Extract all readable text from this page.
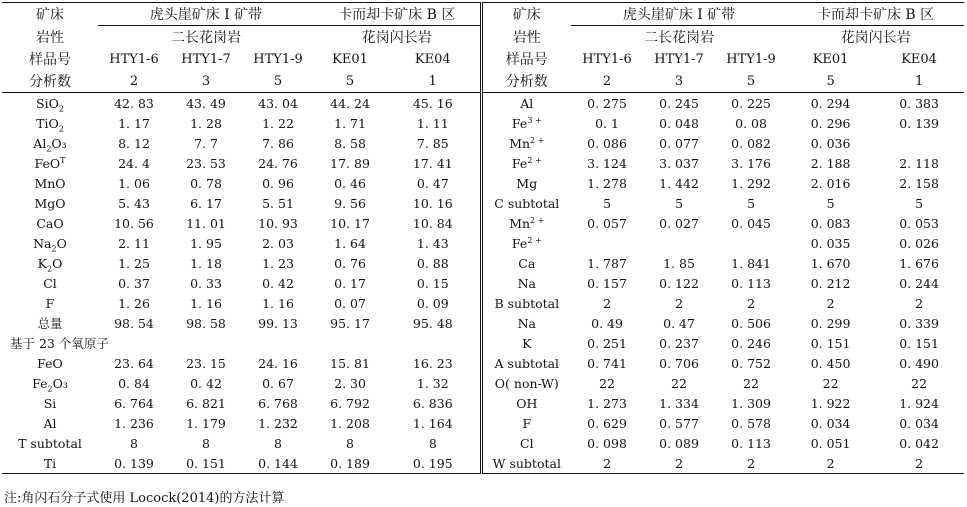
矿床	虎头崖矿床 I 矿带			卡而却卡矿床 B 区		矿床	虎头崖矿床 I 矿带			卡而却卡矿床 B 区	
岩性	二长花岗岩			花岗闪长岩		岩性	二长花岗岩			花岗闪长岩	
样品号	HTY1-6	HTY1-7	HTY1-9	KE01	KE04	样品号	HTY1-6	HTY1-7	HTY1-9	KE01	KE04
分析数	2	3	5	5	1	分析数	2	3	5	5	1
SiO$_2$	42. 83	43. 49	43. 04	44. 24	45. 16	Al	0. 275	0. 245	0. 225	0. 294	0. 383
TiO$_2$	1. 17	1. 28	1. 22	1. 71	1. 11	$Fe^{3 +}$	0. 1	0. 048	0. 08	0. 296	0. 139
$Al_2O_3$	8. 12	7. 7	7. 86	8. 58	7. 85	$Mn^{2 +}$	0. 086	0. 077	0. 082	0. 036	
FeO$^T$	24. 4	23. 53	24. 76	17. 89	17. 41	$Fe^{2 +}$	3. 124	3. 037	3. 176	2. 188	2. 118
MnO	1. 06	0. 78	0. 96	0. 46	0. 47	Mg	1. 278	1. 442	1. 292	2. 016	2. 158
MgO	5. 43	6. 17	5. 51	9. 56	10. 16	C subtotal	5	5	5	5	5
CaO	10. 56	11. 01	10. 93	10. 17	10. 84	$Mn^{2 +}$	0. 057	0. 027	0. 045	0. 083	0. 053
$Na_2O$	2. 11	1. 95	2. 03	1. 64	1. 43	$Fe^{2 +}$				0. 035	0. 026
$K_2O$	1. 25	1. 18	1. 23	0. 76	0. 88	Ca	1. 787	1. 85	1. 841	1. 670	1. 676
Cl	0. 37	0. 33	0. 42	0. 17	0. 15	Na	0. 157	0. 122	0. 113	0. 212	0. 244
F	1. 26	1. 16	1. 16	0. 07	0. 09	B subtotal	2	2	2	2	2
总量	98. 54	98. 58	99. 13	95. 17	95. 48	Na	0. 49	0. 47	0. 506	0. 299	0. 339
基于 23 个氧原子						K	0. 251	0. 237	0. 246	0. 151	0. 151
FeO	23. 64	23. 15	24. 16	15. 81	16. 23	A subtotal	0. 741	0. 706	0. 752	0. 450	0. 490
$Fe_2O_3$	0. 84	0. 42	0. 67	2. 30	1. 32	O( non-W)	22	22	22	22	22
Si	6. 764	6. 821	6. 768	6. 792	6. 836	OH	1. 273	1. 334	1. 309	1. 922	1. 924
Al	1. 236	1. 179	1. 232	1. 208	1. 164	F	0. 629	0. 577	0. 578	0. 034	0. 034
T subtotal	8	8	8	8	8	Cl	0. 098	0. 089	0. 113	0. 051	0. 042
Ti	0. 139	0. 151	0. 144	0. 189	0. 195	W subtotal	2	2	2	2	2
注:角闪石分子式使用 Locock(2014)的方法计算
